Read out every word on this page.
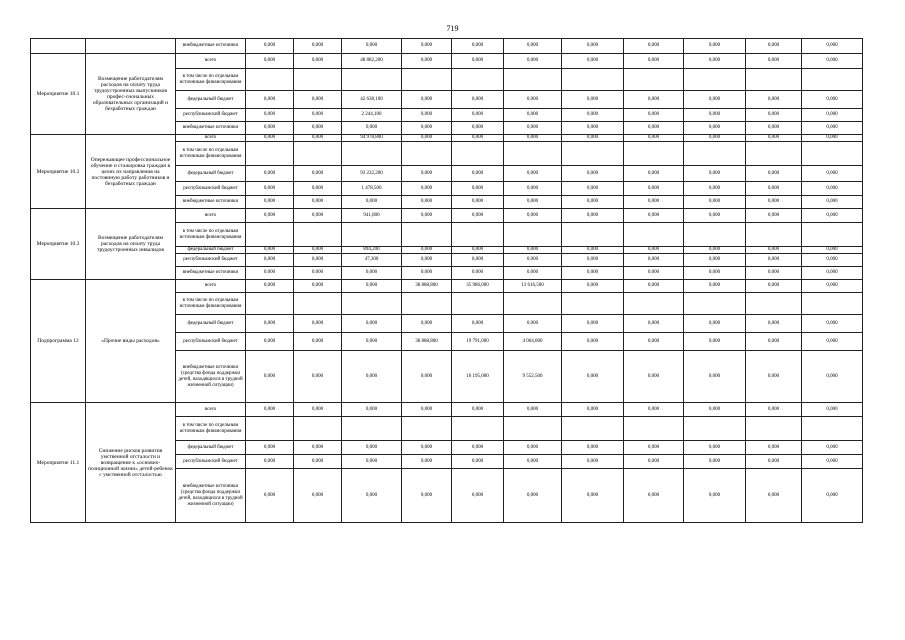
719
		внебюджетные источники	0,000	0,000	0,000	0,000	0,000	0,000	0,000	0,000	0,000	0,000	0,000
Мероприятие 10.1	Возмещение работодателям расходов на оплату труда трудоустроенных выпускников профес-сиональных образовательных организаций и безработных граждан	всего	0,000	0,000	48 882,200	0,000	0,000	0,000	0,000	0,000	0,000	0,000	0,000
		в том числе по отдельным источникам финансирования											
		федеральный бюджет	0,000	0,000	42 638,100	0,000	0,000	0,000	0,000	0,000	0,000	0,000	0,000
		республиканский бюджет	0,000	0,000	2 244,100	0,000	0,000	0,000	0,000	0,000	0,000	0,000	0,000
		внебюджетные источники	0,000	0,000	0,000	0,000	0,000	0,000	0,000	0,000	0,000	0,000	0,000
Мероприятие 10.2	Опережающее профессиональное обучение и стажировка граждан в целях их направления на постоянную работу работников и безработных граждан	всего	0,000	0,000	94 978,800	0,000	0,000	0,000	0,000	0,000	0,000	0,000	0,000
		в том числе по отдельным источникам финансирования											
		федеральный бюджет	0,000	0,000	93 222,200	0,000	0,000	0,000	0,000	0,000	0,000	0,000	0,000
		республиканский бюджет	0,000	0,000	1 478,500	0,000	0,000	0,000	0,000	0,000	0,000	0,000	0,000
		внебюджетные источники	0,000	0,000	0,000	0,000	0,000	0,000	0,000	0,000	0,000	0,000	0,000
Мероприятие 10.3	Возмещение работодателям расходов на оплату труда трудоустроенных инвалидов	всего	0,000	0,000	941,800	0,000	0,000	0,000	0,000	0,000	0,000	0,000	0,000
		в том числе по отдельным источникам финансирования											
		федеральный бюджет	0,000	0,000	894,200	0,000	0,000	0,000	0,000	0,000	0,000	0,000	0,000
		республиканский бюджет	0,000	0,000	47,300	0,000	0,000	0,000	0,000	0,000	0,000	0,000	0,000
		внебюджетные источники	0,000	0,000	0,000	0,000	0,000	0,000	0,000	0,000	0,000	0,000	0,000
Подпрограмма 12	«Прочие виды расходов»	всего	0,000	0,000	0,000	38 888,800	35 986,000	13 616,500	0,000	0,000	0,000	0,000	0,000
		в том числе по отдельным источникам финансирования											
		федеральный бюджет	0,000	0,000	0,000	0,000	0,000	0,000	0,000	0,000	0,000	0,000	0,000
		республиканский бюджет	0,000	0,000	0,000	38 888,800	19 791,000	4 064,000	0,000	0,000	0,000	0,000	0,000
		внебюджетные источники (средства фонда поддержки детей, находящихся в трудной жизненной ситуации)	0,000	0,000	0,000	0,000	16 195,000	9 552,500	0,000	0,000	0,000	0,000	0,000
Мероприятие 11.1	Снижение рисков развития умственной отсталости и возвращение к «основно-позиционной жизни» детей-ребенок с умственной отсталостью	всего	0,000	0,000	0,000	0,000	0,000	0,000	0,000	0,000	0,000	0,000	0,000
		в том числе по отдельным источникам финансирования											
		федеральный бюджет	0,000	0,000	0,000	0,000	0,000	0,000	0,000	0,000	0,000	0,000	0,000
		республиканский бюджет	0,000	0,000	0,000	0,000	0,000	0,000	0,000	0,000	0,000	0,000	0,000
		внебюджетные источники (средства фонда поддержки детей, находящихся в трудной жизненной ситуации)	0,000	0,000	0,000	0,000	0,000	0,000	0,000	0,000	0,000	0,000	0,000
